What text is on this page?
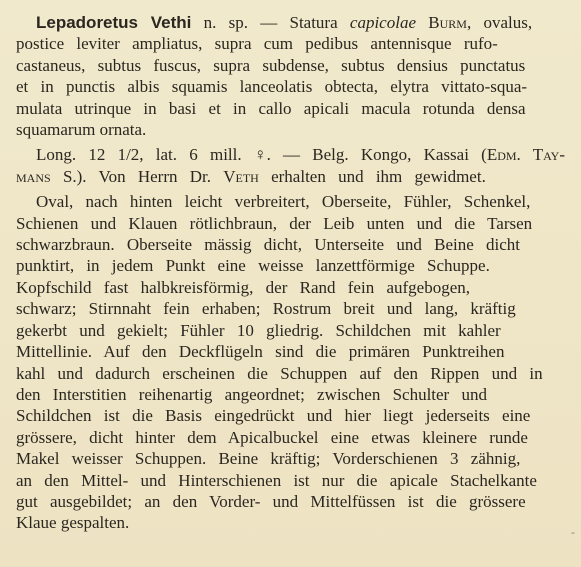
Lepadoretus Vethi n. sp. — Statura capicolae Burm, ovalus,
postice leviter ampliatus, supra cum pedibus antennisque rufo-
castaneus, subtus fuscus, supra subdense, subtus densius punctatus
et in punctis albis squamis lanceolatis obtecta, elytra vittato-squa-
mulata utrinque in basi et in callo apicali macula rotunda densa
squamarum ornata.
Long. 12 1/2, lat. 6 mill. ♀. — Belg. Kongo, Kassai (Edm. Tay-
mans S.). Von Herrn Dr. Veth erhalten und ihm gewidmet.
Oval, nach hinten leicht verbreitert, Oberseite, Fühler, Schenkel,
Schienen und Klauen rötlichbraun, der Leib unten und die Tarsen
schwarzbraun. Oberseite mässig dicht, Unterseite und Beine dicht
punktirt, in jedem Punkt eine weisse lanzettförmige Schuppe.
Kopfschild fast halbkreisförmig, der Rand fein aufgebogen,
schwarz; Stirnnaht fein erhaben; Rostrum breit und lang, kräftig
gekerbt und gekielt; Fühler 10 gliedrig. Schildchen mit kahler
Mittellinie. Auf den Deckflügeln sind die primären Punktreihen
kahl und dadurch erscheinen die Schuppen auf den Rippen und in
den Interstitien reihenartig angeordnet; zwischen Schulter und
Schildchen ist die Basis eingedrückt und hier liegt jederseits eine
grössere, dicht hinter dem Apicalbuckel eine etwas kleinere runde
Makel weisser Schuppen. Beine kräftig; Vorderschienen 3 zähnig,
an den Mittel- und Hinterschienen ist nur die apicale Stachelkante
gut ausgebildet; an den Vorder- und Mittelfüssen ist die grössere
Klaue gespalten.	-
